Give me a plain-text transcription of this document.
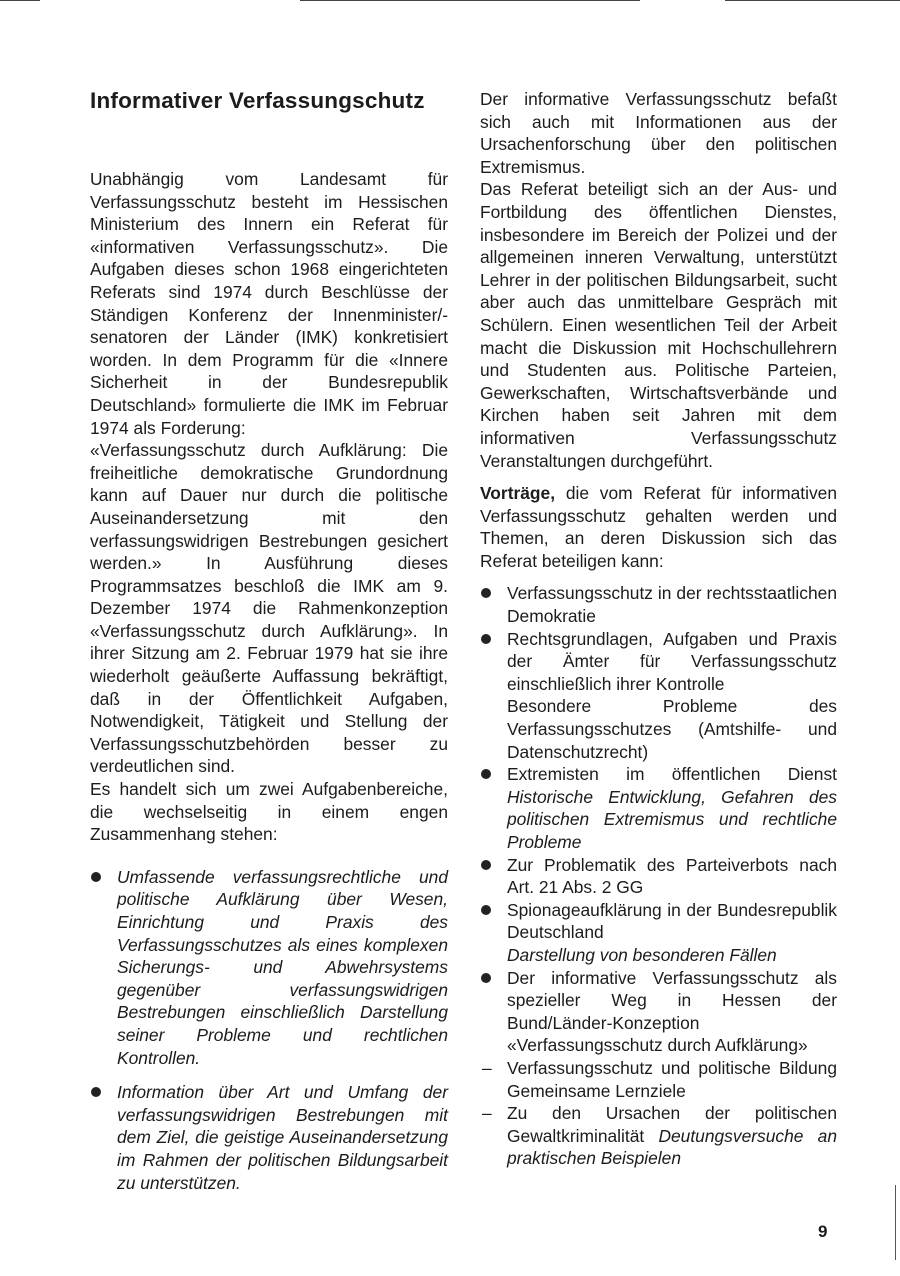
Informativer Verfassungschutz

Unabhängig vom Landesamt für Verfassungsschutz besteht im Hessischen Ministerium des Innern ein Referat für «informativen Verfassungsschutz». Die Aufgaben dieses schon 1968 eingerichteten Referats sind 1974 durch Beschlüsse der Ständigen Konferenz der Innenminister/-senatoren der Länder (IMK) konkretisiert worden. In dem Programm für die «Innere Sicherheit in der Bundesrepublik Deutschland» formulierte die IMK im Februar 1974 als Forderung:

«Verfassungsschutz durch Aufklärung: Die freiheitliche demokratische Grundordnung kann auf Dauer nur durch die politische Auseinandersetzung mit den verfassungswidrigen Bestrebungen gesichert werden.» In Ausführung dieses Programmsatzes beschloß die IMK am 9. Dezember 1974 die Rahmenkonzeption «Verfassungsschutz durch Aufklärung». In ihrer Sitzung am 2. Februar 1979 hat sie ihre wiederholt geäußerte Auffassung bekräftigt, daß in der Öffentlichkeit Aufgaben, Notwendigkeit, Tätigkeit und Stellung der Verfassungsschutzbehörden besser zu verdeutlichen sind.

Es handelt sich um zwei Aufgabenbereiche, die wechselseitig in einem engen Zusammenhang stehen:

Umfassende verfassungsrechtliche und politische Aufklärung über Wesen, Einrichtung und Praxis des Verfassungsschutzes als eines komplexen Sicherungs- und Abwehrsystems gegenüber verfassungswidrigen Bestrebungen einschließlich Darstellung seiner Probleme und rechtlichen Kontrollen.
Information über Art und Umfang der verfassungswidrigen Bestrebungen mit dem Ziel, die geistige Auseinandersetzung im Rahmen der politischen Bildungsarbeit zu unterstützen.

Der informative Verfassungsschutz befaßt sich auch mit Informationen aus der Ursachenforschung über den politischen Extremismus.

Das Referat beteiligt sich an der Aus- und Fortbildung des öffentlichen Dienstes, insbesondere im Bereich der Polizei und der allgemeinen inneren Verwaltung, unterstützt Lehrer in der politischen Bildungsarbeit, sucht aber auch das unmittelbare Gespräch mit Schülern. Einen wesentlichen Teil der Arbeit macht die Diskussion mit Hochschullehrern und Studenten aus. Politische Parteien, Gewerkschaften, Wirtschaftsverbände und Kirchen haben seit Jahren mit dem informativen Verfassungsschutz Veranstaltungen durchgeführt.

Vorträge, die vom Referat für informativen Verfassungsschutz gehalten werden und Themen, an deren Diskussion sich das Referat beteiligen kann:

Verfassungsschutz in der rechtsstaatlichen Demokratie
Rechtsgrundlagen, Aufgaben und Praxis der Ämter für Verfassungsschutz einschließlich ihrer Kontrolle
Besondere Probleme des Verfassungsschutzes (Amtshilfe- und Datenschutzrecht)
Extremisten im öffentlichen Dienst Historische Entwicklung, Gefahren des politischen Extremismus und rechtliche Probleme
Zur Problematik des Parteiverbots nach Art. 21 Abs. 2 GG
Spionageaufklärung in der Bundesrepublik Deutschland
Darstellung von besonderen Fällen
Der informative Verfassungsschutz als spezieller Weg in Hessen der Bund/Länder-Konzeption «Verfassungsschutz durch Aufklärung»
– Verfassungsschutz und politische Bildung Gemeinsame Lernziele
– Zu den Ursachen der politischen Gewaltkriminalität Deutungsversuche an praktischen Beispielen
9
